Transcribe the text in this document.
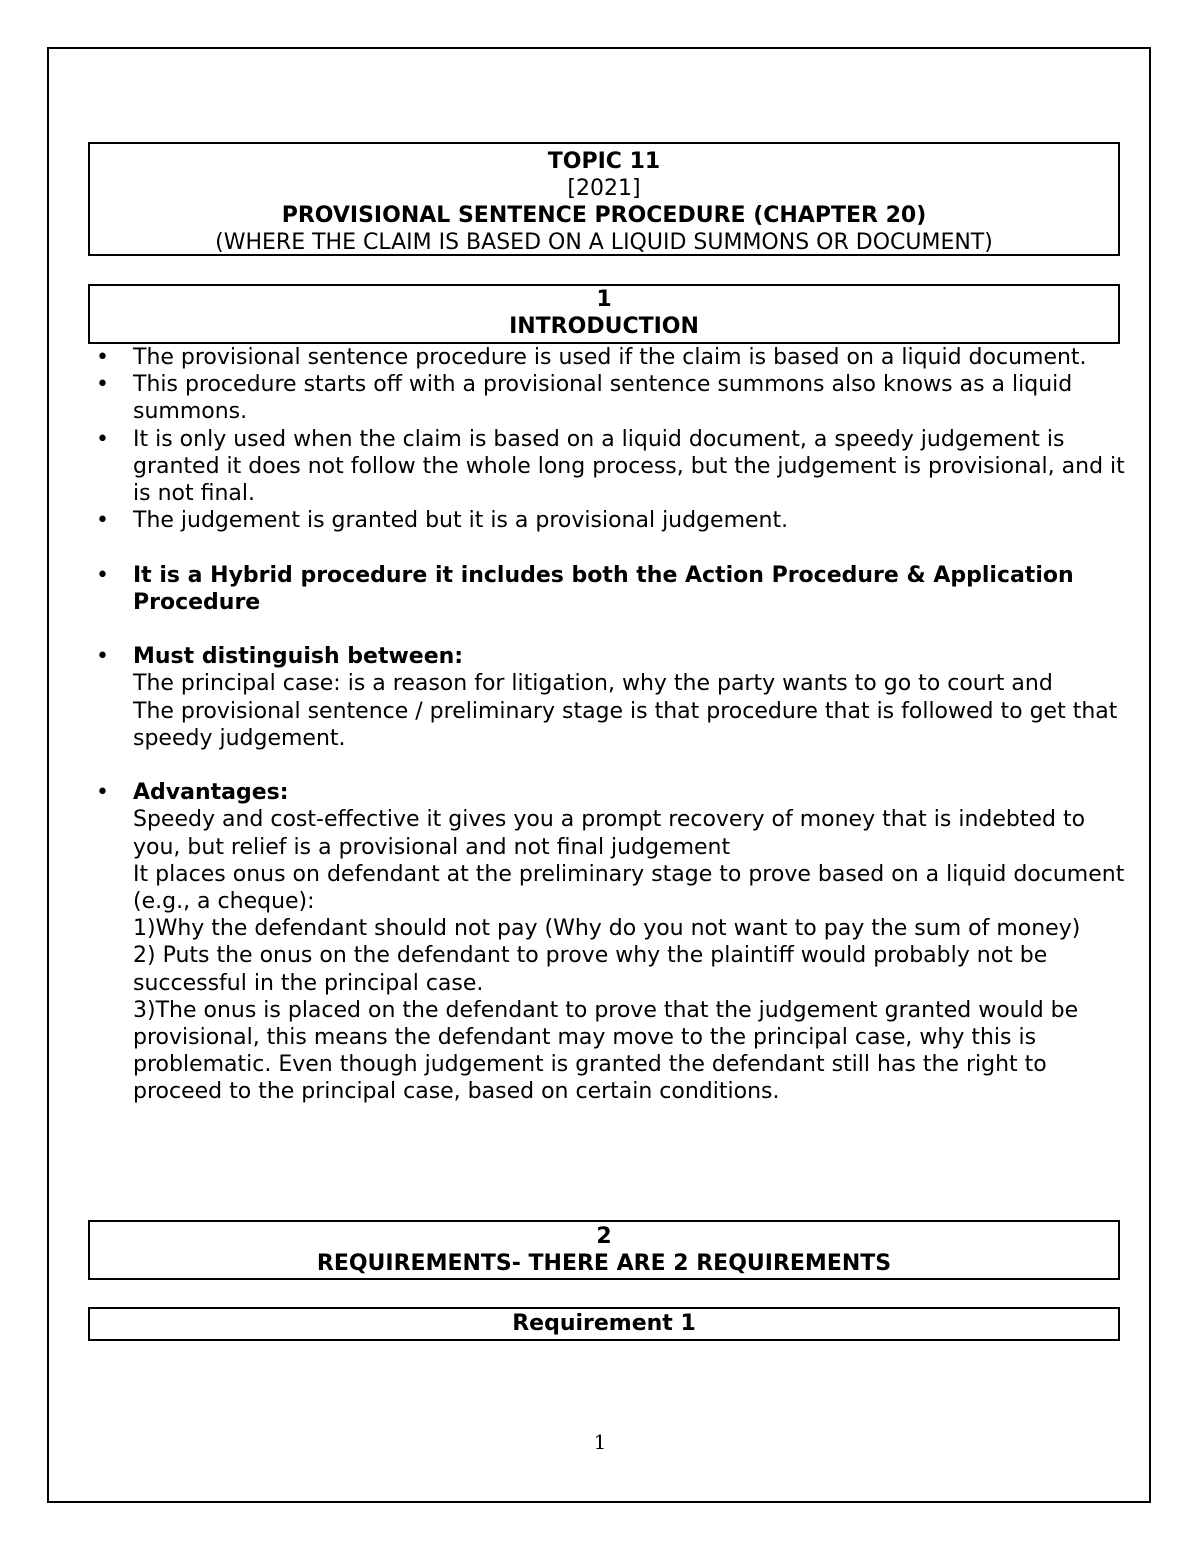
TOPIC 11
[2021]
PROVISIONAL SENTENCE PROCEDURE (CHAPTER 20)
(WHERE THE CLAIM IS BASED ON A LIQUID SUMMONS OR DOCUMENT)
1
INTRODUCTION
• The provisional sentence procedure is used if the claim is based on a liquid document.
• This procedure starts off with a provisional sentence summons also knows as a liquid summons.
• It is only used when the claim is based on a liquid document, a speedy judgement is granted it does not follow the whole long process, but the judgement is provisional, and it is not final.
• The judgement is granted but it is a provisional judgement.
• It is a Hybrid procedure it includes both the Action Procedure & Application Procedure
• Must distinguish between:
The principal case: is a reason for litigation, why the party wants to go to court and
The provisional sentence / preliminary stage is that procedure that is followed to get that speedy judgement.
• Advantages:
Speedy and cost-effective it gives you a prompt recovery of money that is indebted to you, but relief is a provisional and not final judgement
It places onus on defendant at the preliminary stage to prove based on a liquid document (e.g., a cheque):
1)Why the defendant should not pay (Why do you not want to pay the sum of money)
2) Puts the onus on the defendant to prove why the plaintiff would probably not be successful in the principal case.
3)The onus is placed on the defendant to prove that the judgement granted would be provisional, this means the defendant may move to the principal case, why this is problematic. Even though judgement is granted the defendant still has the right to proceed to the principal case, based on certain conditions.
2
REQUIREMENTS- THERE ARE 2 REQUIREMENTS
Requirement 1
1
